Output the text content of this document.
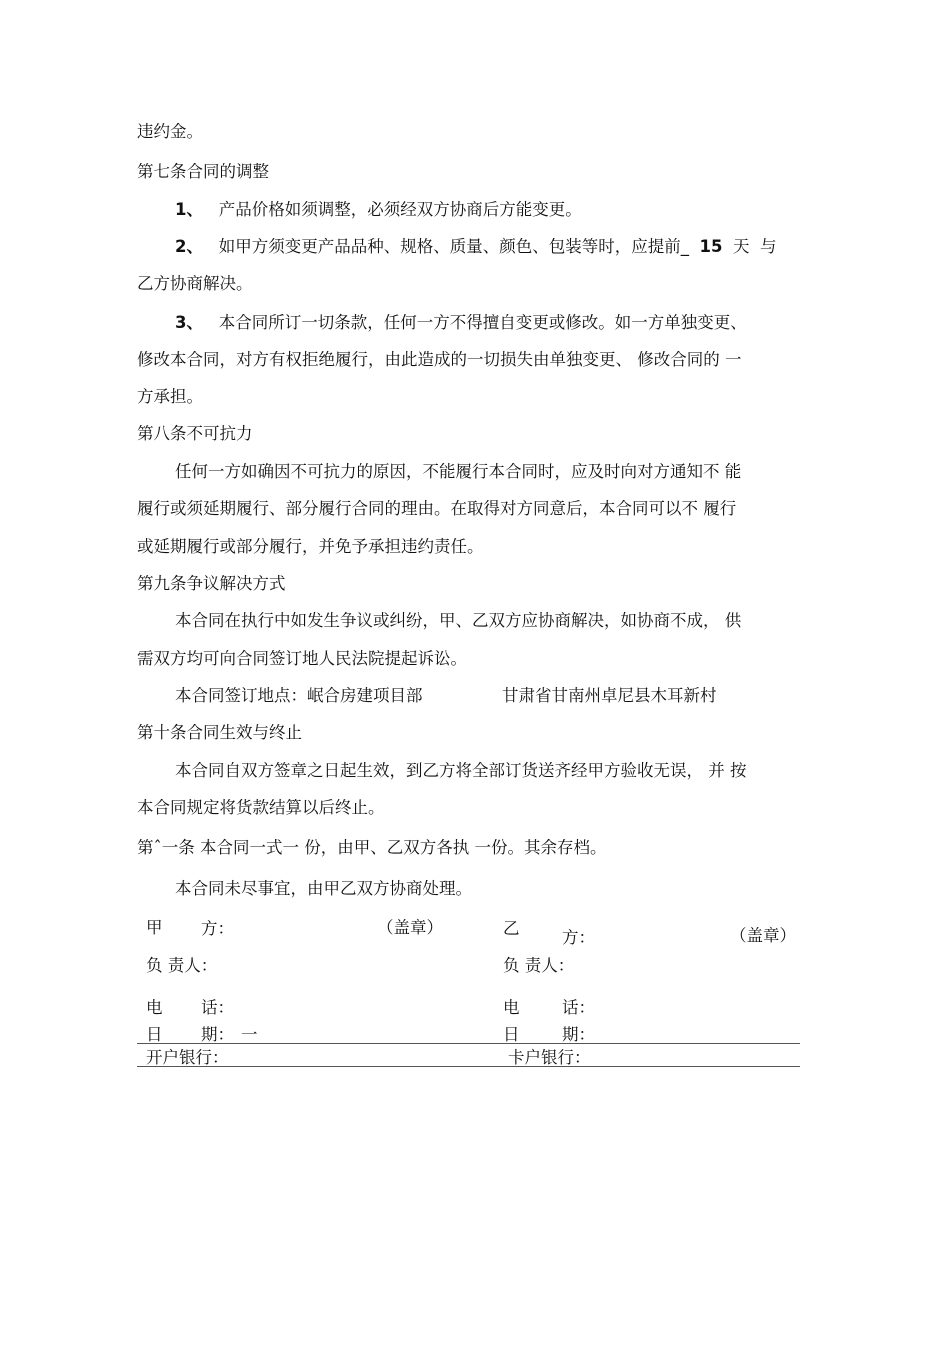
违约金。

第七条合同的调整

1、 产品价格如须调整，必须经双方协商后方能变更。

2、 如甲方须变更产品品种、规格、质量、颜色、包装等时，应提前_ 15 天 与

乙方协商解决。

3、 本合同所订一切条款，任何一方不得擅自变更或修改。如一方单独变更、

修改本合同，对方有权拒绝履行，由此造成的一切损失由单独变更、 修改合同的 一

方承担。

第八条不可抗力

任何一方如确因不可抗力的原因，不能履行本合同时，应及时向对方通知不 能

履行或须延期履行、部分履行合同的理由。在取得对方同意后，本合同可以不 履行

或延期履行或部分履行，并免予承担违约责任。

第九条争议解决方式

本合同在执行中如发生争议或纠纷，甲、乙双方应协商解决，如协商不成， 供

需双方均可向合同签订地人民法院提起诉讼。

本合同签订地点：岷合房建项目部	甘肃省甘南州卓尼县木耳新村

第十条合同生效与终止

本合同自双方签章之日起生效，到乙方将全部订货送齐经甲方验收无误， 并 按

本合同规定将货款结算以后终止。

第ˆ一条 本合同一式一 份，由甲、乙双方各执 一份。其余存档。

本合同未尽事宜，由甲乙双方协商处理。

甲 方：	（盖章）	乙	方：	（盖章）
负 责人：	负 责人：
电 话：	电	话：
日 期： 一	日	期：
开户银行：	卡户银行：
